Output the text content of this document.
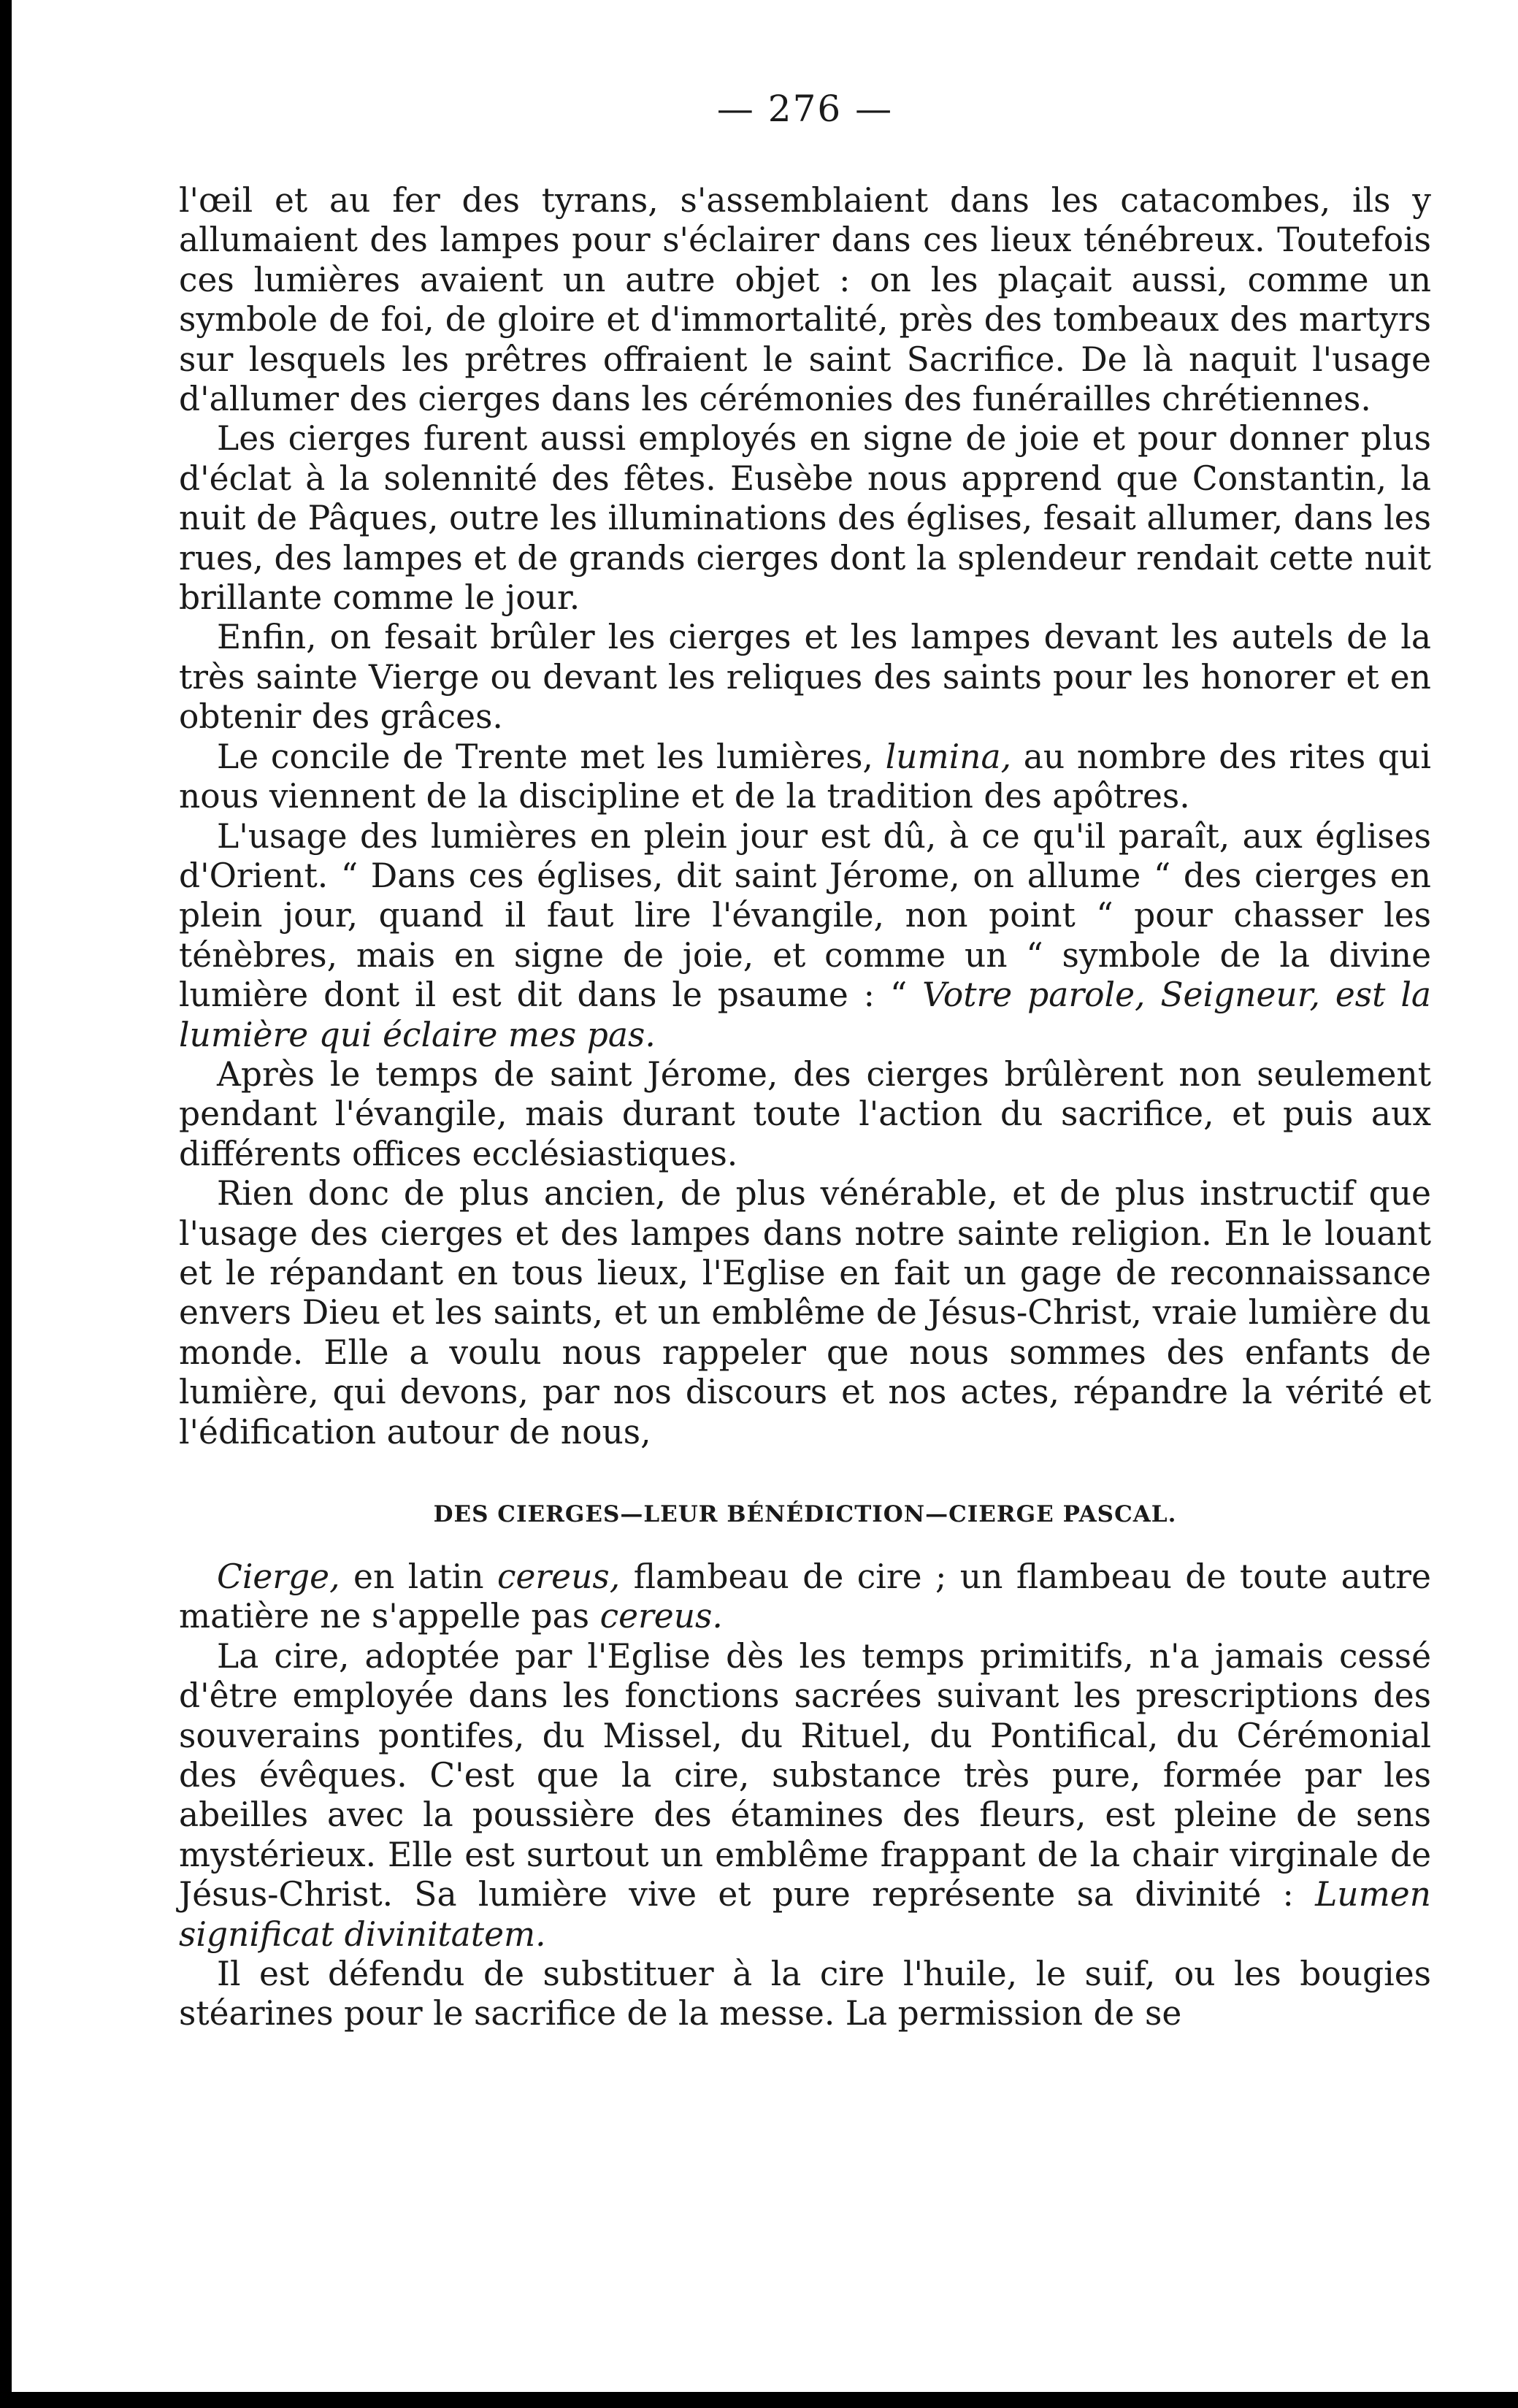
— 276 —

l'œil et au fer des tyrans, s'assemblaient dans les catacombes, ils y allumaient des lampes pour s'éclairer dans ces lieux ténébreux. Toutefois ces lumières avaient un autre objet : on les plaçait aussi, comme un symbole de foi, de gloire et d'immortalité, près des tombeaux des martyrs sur lesquels les prêtres offraient le saint Sacrifice. De là naquit l'usage d'allumer des cierges dans les cérémonies des funérailles chrétiennes.

Les cierges furent aussi employés en signe de joie et pour donner plus d'éclat à la solennité des fêtes. Eusèbe nous apprend que Constantin, la nuit de Pâques, outre les illuminations des églises, fesait allumer, dans les rues, des lampes et de grands cierges dont la splendeur rendait cette nuit brillante comme le jour.

Enfin, on fesait brûler les cierges et les lampes devant les autels de la très sainte Vierge ou devant les reliques des saints pour les honorer et en obtenir des grâces.

Le concile de Trente met les lumières, lumina, au nombre des rites qui nous viennent de la discipline et de la tradition des apôtres.

L'usage des lumières en plein jour est dû, à ce qu'il paraît, aux églises d'Orient. “ Dans ces églises, dit saint Jérome, on allume “ des cierges en plein jour, quand il faut lire l'évangile, non point “ pour chasser les ténèbres, mais en signe de joie, et comme un “ symbole de la divine lumière dont il est dit dans le psaume : “ Votre parole, Seigneur, est la lumière qui éclaire mes pas.

Après le temps de saint Jérome, des cierges brûlèrent non seulement pendant l'évangile, mais durant toute l'action du sacrifice, et puis aux différents offices ecclésiastiques.

Rien donc de plus ancien, de plus vénérable, et de plus instructif que l'usage des cierges et des lampes dans notre sainte religion. En le louant et le répandant en tous lieux, l'Eglise en fait un gage de reconnaissance envers Dieu et les saints, et un emblême de Jésus-Christ, vraie lumière du monde. Elle a voulu nous rappeler que nous sommes des enfants de lumière, qui devons, par nos discours et nos actes, répandre la vérité et l'édification autour de nous,

DES CIERGES—LEUR BÉNÉDICTION—CIERGE PASCAL.

Cierge, en latin cereus, flambeau de cire ; un flambeau de toute autre matière ne s'appelle pas cereus.

La cire, adoptée par l'Eglise dès les temps primitifs, n'a jamais cessé d'être employée dans les fonctions sacrées suivant les prescriptions des souverains pontifes, du Missel, du Rituel, du Pontifical, du Cérémonial des évêques. C'est que la cire, substance très pure, formée par les abeilles avec la poussière des étamines des fleurs, est pleine de sens mystérieux. Elle est surtout un emblême frappant de la chair virginale de Jésus-Christ. Sa lumière vive et pure représente sa divinité : Lumen significat divinitatem.

Il est défendu de substituer à la cire l'huile, le suif, ou les bougies stéarines pour le sacrifice de la messe. La permission de se
